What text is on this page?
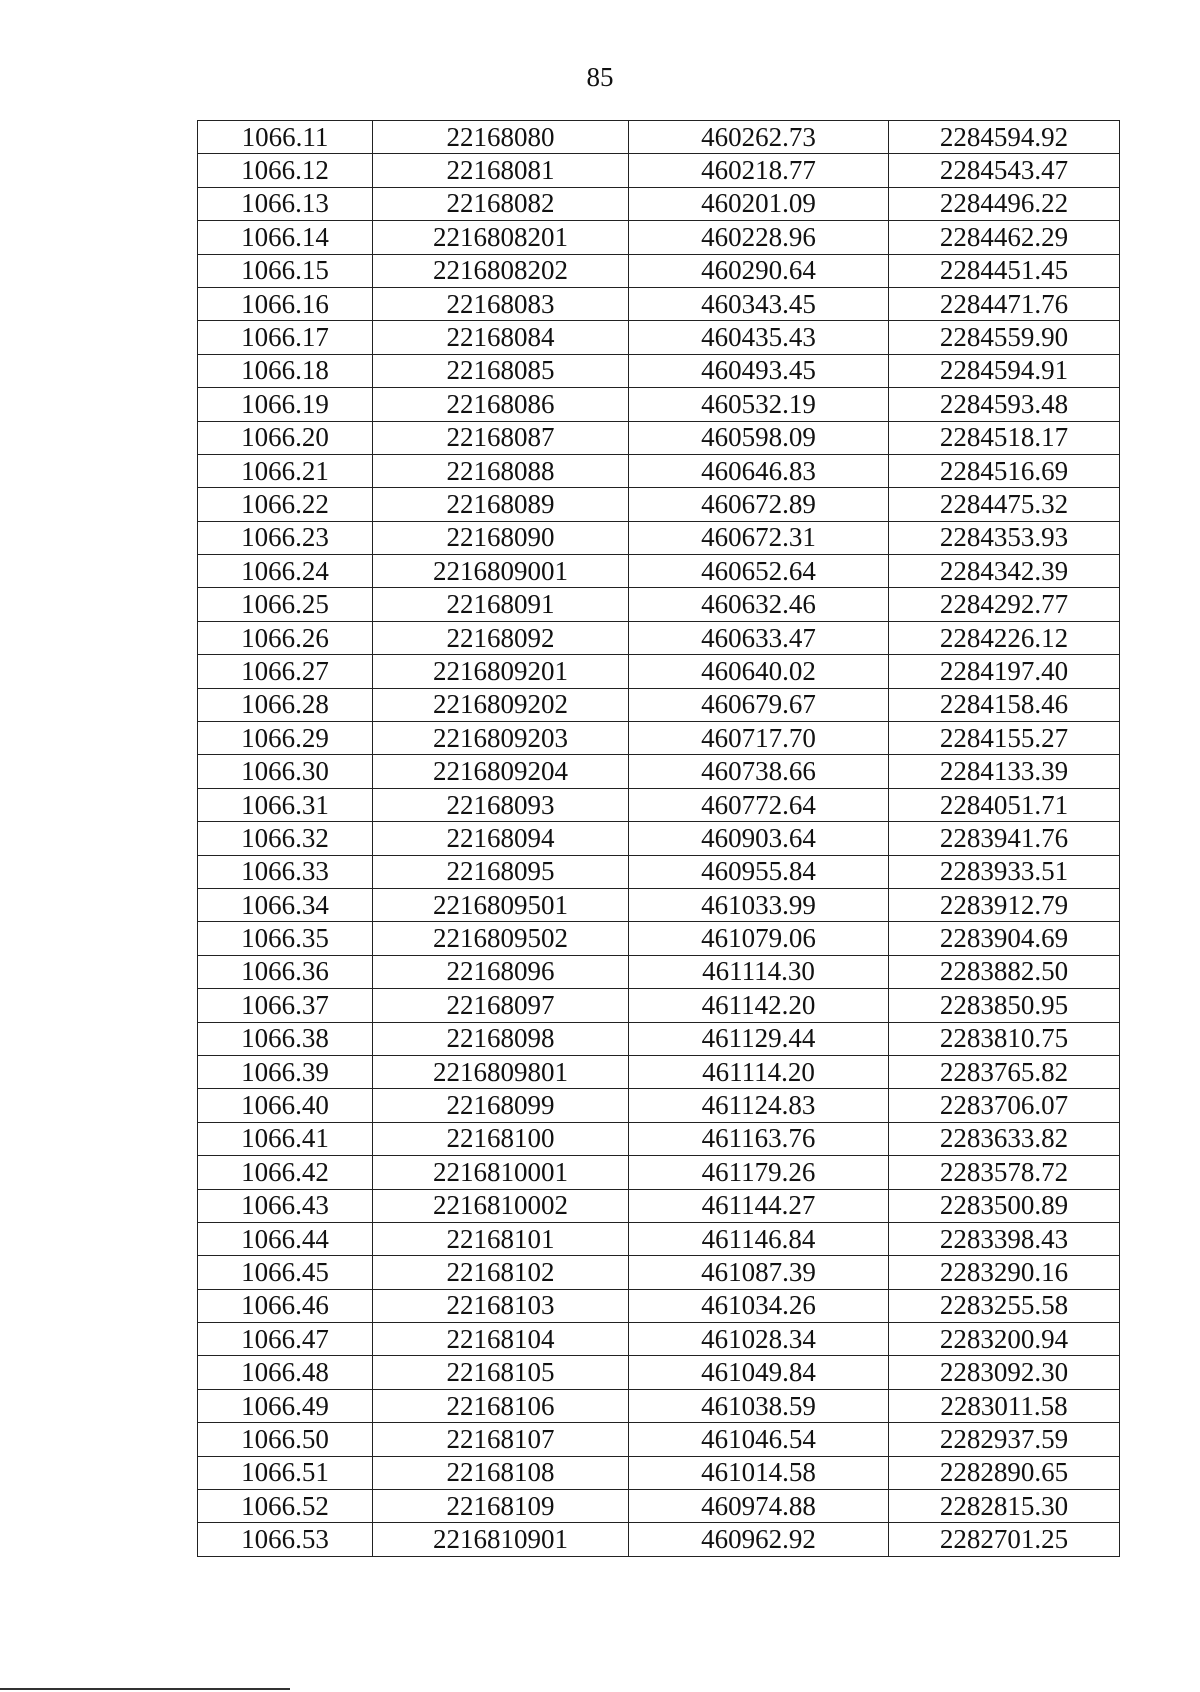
85
1066.11	22168080	460262.73	2284594.92
1066.12	22168081	460218.77	2284543.47
1066.13	22168082	460201.09	2284496.22
1066.14	2216808201	460228.96	2284462.29
1066.15	2216808202	460290.64	2284451.45
1066.16	22168083	460343.45	2284471.76
1066.17	22168084	460435.43	2284559.90
1066.18	22168085	460493.45	2284594.91
1066.19	22168086	460532.19	2284593.48
1066.20	22168087	460598.09	2284518.17
1066.21	22168088	460646.83	2284516.69
1066.22	22168089	460672.89	2284475.32
1066.23	22168090	460672.31	2284353.93
1066.24	2216809001	460652.64	2284342.39
1066.25	22168091	460632.46	2284292.77
1066.26	22168092	460633.47	2284226.12
1066.27	2216809201	460640.02	2284197.40
1066.28	2216809202	460679.67	2284158.46
1066.29	2216809203	460717.70	2284155.27
1066.30	2216809204	460738.66	2284133.39
1066.31	22168093	460772.64	2284051.71
1066.32	22168094	460903.64	2283941.76
1066.33	22168095	460955.84	2283933.51
1066.34	2216809501	461033.99	2283912.79
1066.35	2216809502	461079.06	2283904.69
1066.36	22168096	461114.30	2283882.50
1066.37	22168097	461142.20	2283850.95
1066.38	22168098	461129.44	2283810.75
1066.39	2216809801	461114.20	2283765.82
1066.40	22168099	461124.83	2283706.07
1066.41	22168100	461163.76	2283633.82
1066.42	2216810001	461179.26	2283578.72
1066.43	2216810002	461144.27	2283500.89
1066.44	22168101	461146.84	2283398.43
1066.45	22168102	461087.39	2283290.16
1066.46	22168103	461034.26	2283255.58
1066.47	22168104	461028.34	2283200.94
1066.48	22168105	461049.84	2283092.30
1066.49	22168106	461038.59	2283011.58
1066.50	22168107	461046.54	2282937.59
1066.51	22168108	461014.58	2282890.65
1066.52	22168109	460974.88	2282815.30
1066.53	2216810901	460962.92	2282701.25
